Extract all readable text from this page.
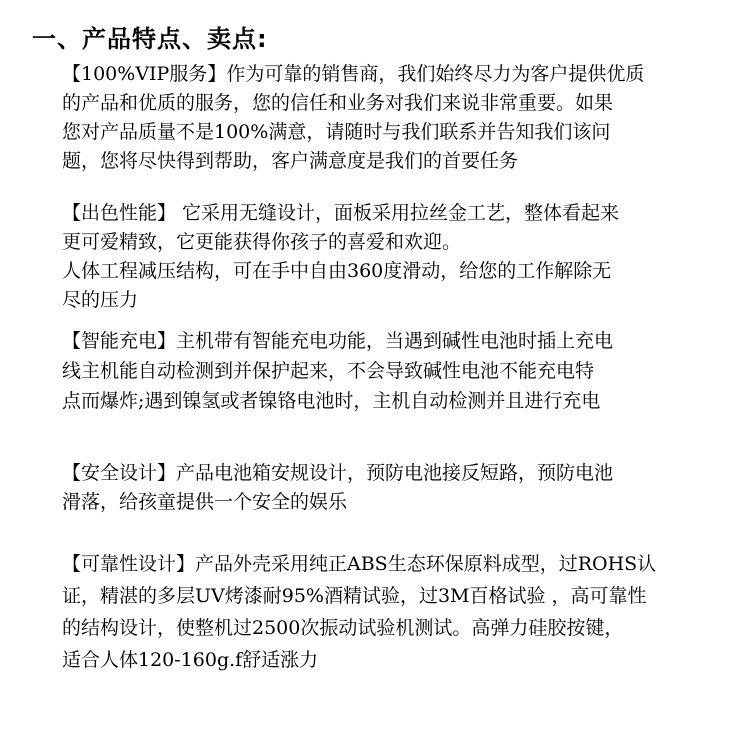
一、产品特点、卖点:

【100%VIP服务】作为可靠的销售商，我们始终尽力为客户提供优质

的产品和优质的服务，您的信任和业务对我们来说非常重要。如果

您对产品质量不是100%满意，请随时与我们联系并告知我们该问

题，您将尽快得到帮助，客户满意度是我们的首要任务

【出色性能】 它采用无缝设计，面板采用拉丝金工艺，整体看起来

更可爱精致，它更能获得你孩子的喜爱和欢迎。

人体工程减压结构，可在手中自由360度滑动，给您的工作解除无

尽的压力

【智能充电】主机带有智能充电功能，当遇到碱性电池时插上充电

线主机能自动检测到并保护起来，不会导致碱性电池不能充电特

点而爆炸;遇到镍氢或者镍铬电池时，主机自动检测并且进行充电

【安全设计】产品电池箱安规设计，预防电池接反短路，预防电池

滑落，给孩童提供一个安全的娱乐

【可靠性设计】产品外壳采用纯正ABS生态环保原料成型，过ROHS认

证，精湛的多层UV烤漆耐95%酒精试验，过3M百格试验 ，高可靠性

的结构设计，使整机过2500次振动试验机测试。高弹力硅胶按键，

适合人体120-160g.f舒适涨力
